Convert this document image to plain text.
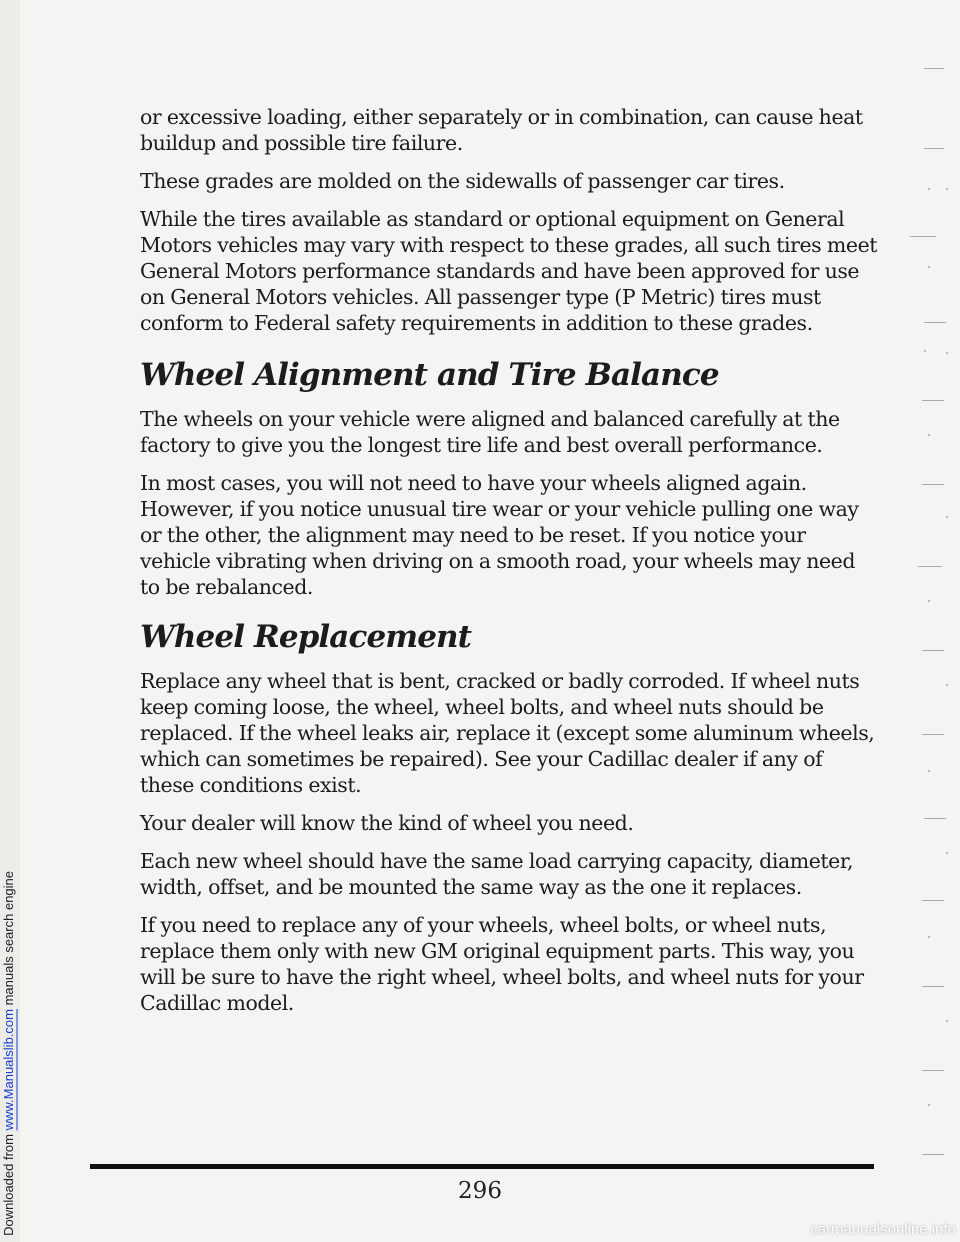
Downloaded from www.Manualslib.com manuals search engine

or excessive loading, either separately or in combination, can cause heat buildup and possible tire failure.

These grades are molded on the sidewalls of passenger car tires.

While the tires available as standard or optional equipment on General Motors vehicles may vary with respect to these grades, all such tires meet General Motors performance standards and have been approved for use on General Motors vehicles. All passenger type (P Metric) tires must conform to Federal safety requirements in addition to these grades.

Wheel Alignment and Tire Balance

The wheels on your vehicle were aligned and balanced carefully at the factory to give you the longest tire life and best overall performance.

In most cases, you will not need to have your wheels aligned again. However, if you notice unusual tire wear or your vehicle pulling one way or the other, the alignment may need to be reset. If you notice your vehicle vibrating when driving on a smooth road, your wheels may need to be rebalanced.

Wheel Replacement

Replace any wheel that is bent, cracked or badly corroded. If wheel nuts keep coming loose, the wheel, wheel bolts, and wheel nuts should be replaced. If the wheel leaks air, replace it (except some aluminum wheels, which can sometimes be repaired). See your Cadillac dealer if any of these conditions exist.

Your dealer will know the kind of wheel you need.

Each new wheel should have the same load carrying capacity, diameter, width, offset, and be mounted the same way as the one it replaces.

If you need to replace any of your wheels, wheel bolts, or wheel nuts, replace them only with new GM original equipment parts. This way, you will be sure to have the right wheel, wheel bolts, and wheel nuts for your Cadillac model.

296
carmanualsonline.info
